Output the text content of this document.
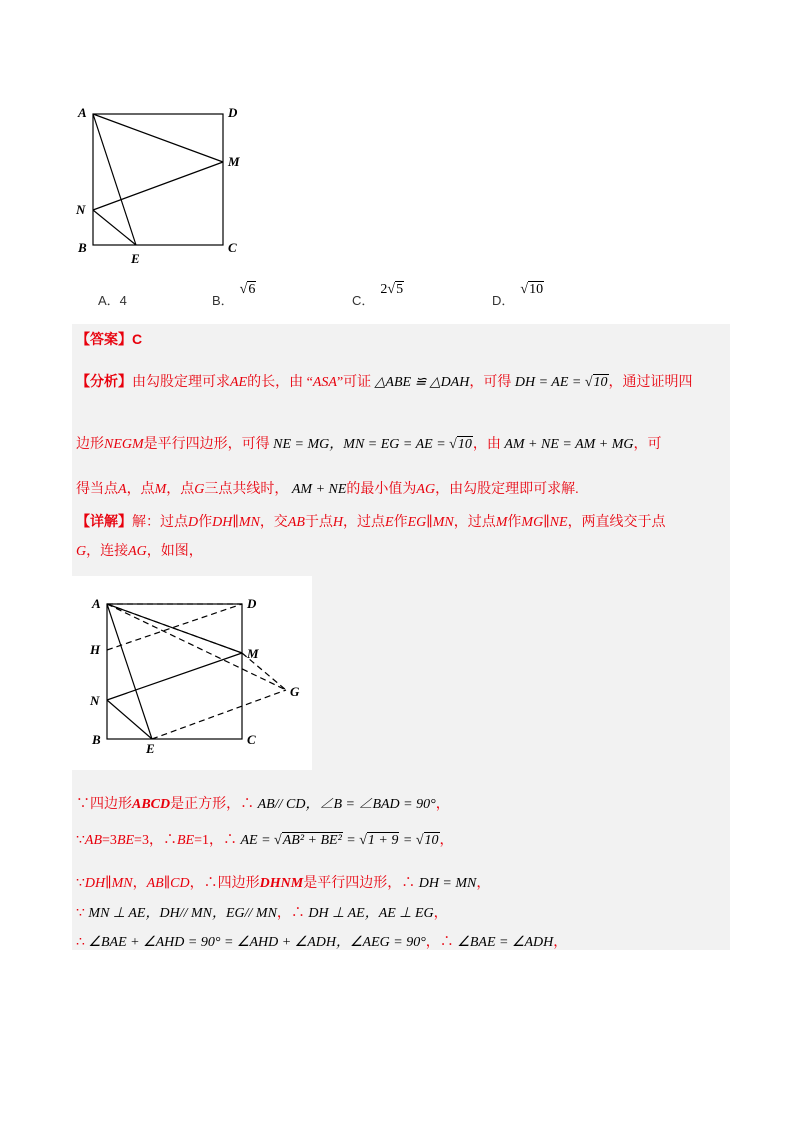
A	D
M
N
B
E
C
A．4	B．√6
C．2√5
D．√10
【答案】C
【分析】由勾股定理可求AE的长，由 “ASA”可证 △ABE ≌ △DAH，可得 DH = AE = √10，通过证明四
边形NEGM是平行四边形，可得 NE = MG，MN = EG = AE = √10，由 AM + NE = AM + MG，可
得当点A，点M，点G三点共线时， AM + NE的最小值为AG，由勾股定理即可求解.
【详解】解：过点D作DH∥MN，交AB于点H，过点E作EG∥MN，过点M作MG∥NE，两直线交于点
G，连接AG，如图，
A	D
H	M
N
G
B
E
C
∵四边形ABCD是正方形，∴ AB// CD，∠B = ∠BAD = 90°，
∵AB=3BE=3，∴BE=1，∴ AE = √AB² + BE² = √1 + 9 = √10，
∵DH∥MN，AB∥CD，∴四边形DHNM是平行四边形，∴ DH = MN，
∵ MN ⊥ AE，DH// MN，EG// MN，∴ DH ⊥ AE，AE ⊥ EG，
∴ ∠BAE + ∠AHD = 90° = ∠AHD + ∠ADH，∠AEG = 90°，∴ ∠BAE = ∠ADH，
